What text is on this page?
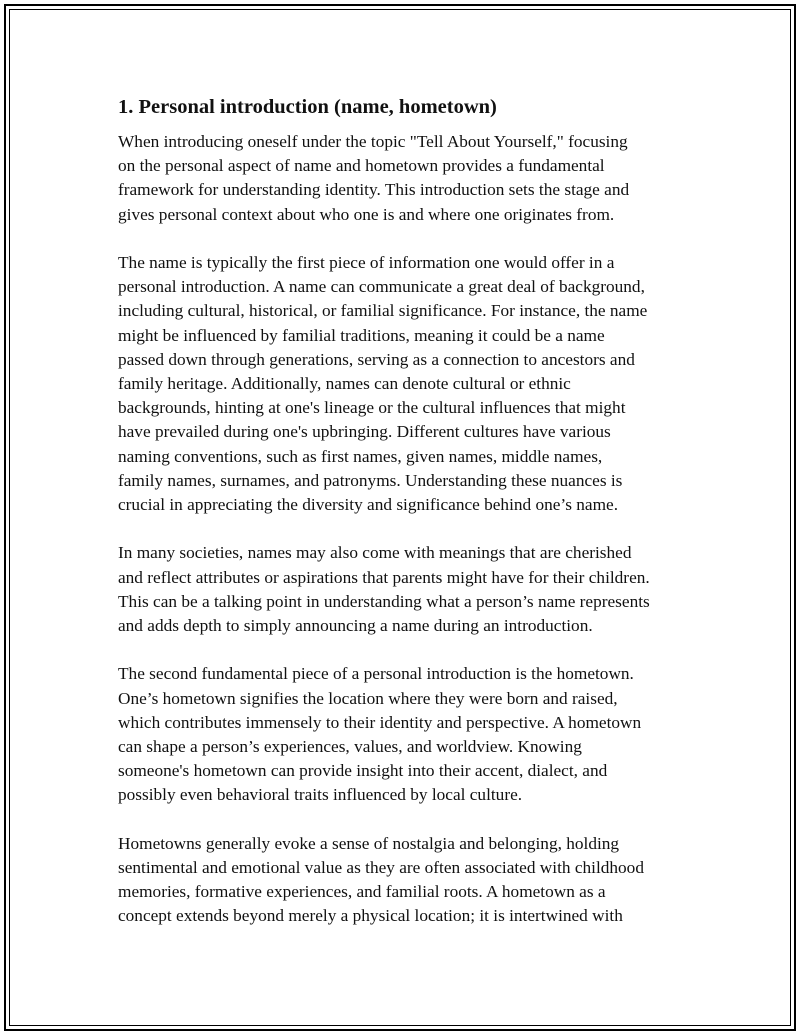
1. Personal introduction (name, hometown)

When introducing oneself under the topic "Tell About Yourself," focusing
on the personal aspect of name and hometown provides a fundamental
framework for understanding identity. This introduction sets the stage and
gives personal context about who one is and where one originates from.

The name is typically the first piece of information one would offer in a
personal introduction. A name can communicate a great deal of background,
including cultural, historical, or familial significance. For instance, the name
might be influenced by familial traditions, meaning it could be a name
passed down through generations, serving as a connection to ancestors and
family heritage. Additionally, names can denote cultural or ethnic
backgrounds, hinting at one's lineage or the cultural influences that might
have prevailed during one's upbringing. Different cultures have various
naming conventions, such as first names, given names, middle names,
family names, surnames, and patronyms. Understanding these nuances is
crucial in appreciating the diversity and significance behind one’s name.

In many societies, names may also come with meanings that are cherished
and reflect attributes or aspirations that parents might have for their children.
This can be a talking point in understanding what a person’s name represents
and adds depth to simply announcing a name during an introduction.

The second fundamental piece of a personal introduction is the hometown.
One’s hometown signifies the location where they were born and raised,
which contributes immensely to their identity and perspective. A hometown
can shape a person’s experiences, values, and worldview. Knowing
someone's hometown can provide insight into their accent, dialect, and
possibly even behavioral traits influenced by local culture.

Hometowns generally evoke a sense of nostalgia and belonging, holding
sentimental and emotional value as they are often associated with childhood
memories, formative experiences, and familial roots. A hometown as a
concept extends beyond merely a physical location; it is intertwined with
